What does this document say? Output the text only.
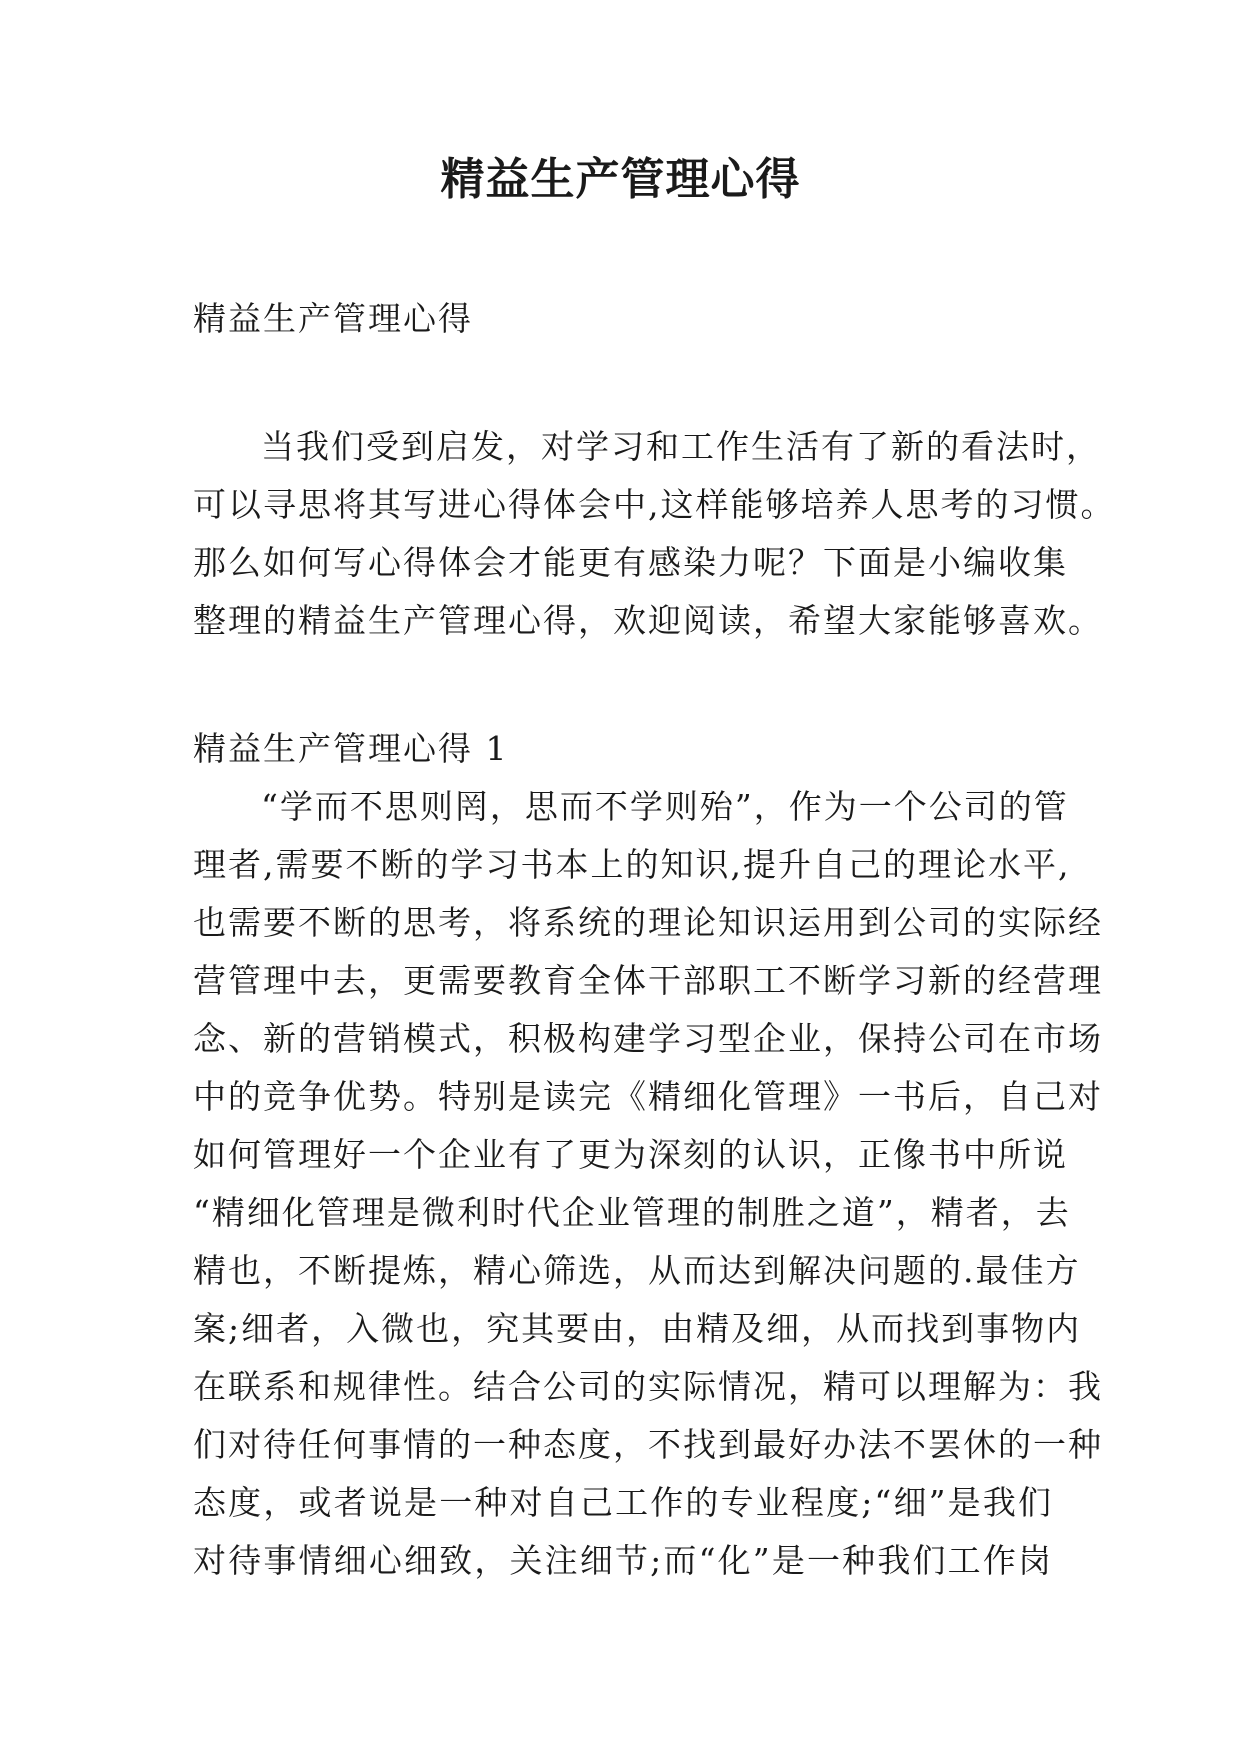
精益生产管理心得
精益生产管理心得
当我们受到启发，对学习和工作生活有了新的看法时，
可以寻思将其写进心得体会中,这样能够培养人思考的习惯。
那么如何写心得体会才能更有感染力呢？下面是小编收集
整理的精益生产管理心得，欢迎阅读，希望大家能够喜欢。
精益生产管理心得 1
“学而不思则罔，思而不学则殆”，作为一个公司的管
理者,需要不断的学习书本上的知识,提升自己的理论水平,
也需要不断的思考，将系统的理论知识运用到公司的实际经
营管理中去，更需要教育全体干部职工不断学习新的经营理
念、新的营销模式，积极构建学习型企业，保持公司在市场
中的竞争优势。特别是读完《精细化管理》一书后，自己对
如何管理好一个企业有了更为深刻的认识，正像书中所说
“精细化管理是微利时代企业管理的制胜之道”，精者，去
精也，不断提炼，精心筛选，从而达到解决问题的.最佳方
案;细者，入微也，究其要由，由精及细，从而找到事物内
在联系和规律性。结合公司的实际情况，精可以理解为：我
们对待任何事情的一种态度，不找到最好办法不罢休的一种
态度，或者说是一种对自己工作的专业程度;“细”是我们
对待事情细心细致，关注细节;而“化”是一种我们工作岗
